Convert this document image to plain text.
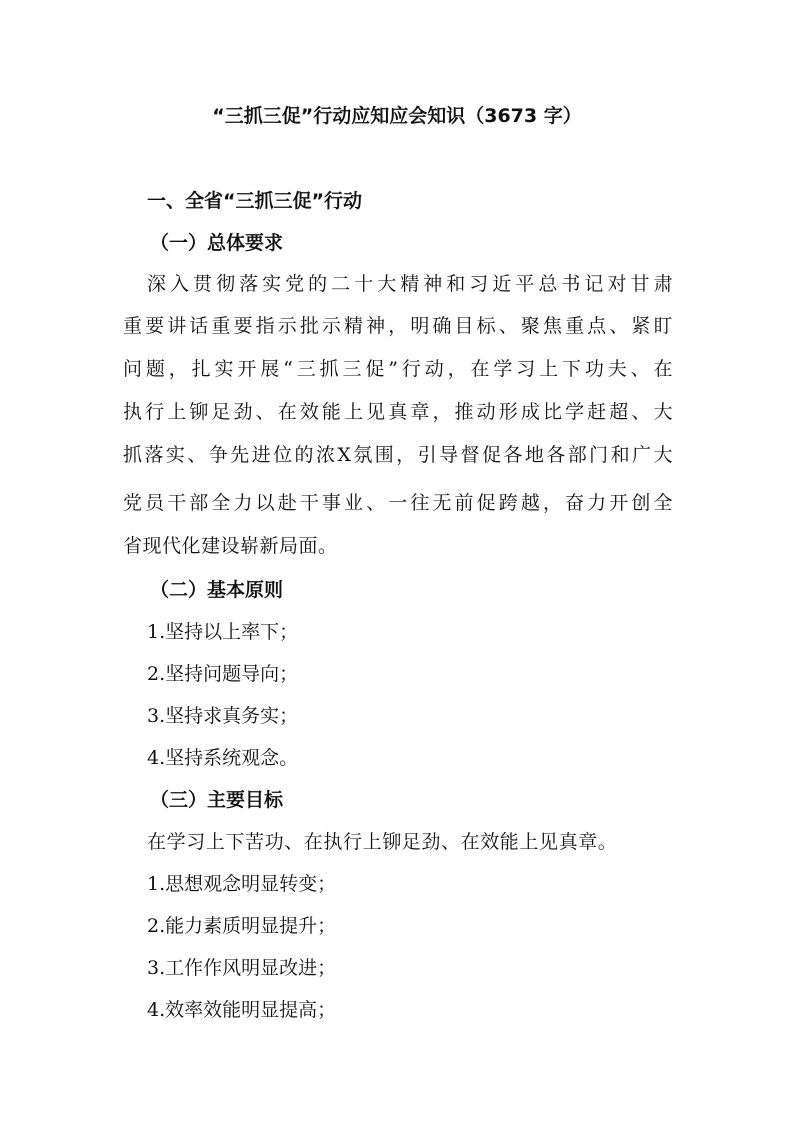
“三抓三促”行动应知应会知识（3673 字）
一、全省“三抓三促”行动
（一）总体要求
深入贯彻落实党的二十大精神和习近平总书记对甘肃
重要讲话重要指示批示精神，明确目标、聚焦重点、紧盯
问题，扎实开展“三抓三促”行动，在学习上下功夫、在
执行上铆足劲、在效能上见真章，推动形成比学赶超、大
抓落实、争先进位的浓X氛围，引导督促各地各部门和广大
党员干部全力以赴干事业、一往无前促跨越，奋力开创全
省现代化建设崭新局面。
（二）基本原则
1.坚持以上率下；
2.坚持问题导向；
3.坚持求真务实；
4.坚持系统观念。
（三）主要目标
在学习上下苦功、在执行上铆足劲、在效能上见真章。
1.思想观念明显转变；
2.能力素质明显提升；
3.工作作风明显改进；
4.效率效能明显提高；
